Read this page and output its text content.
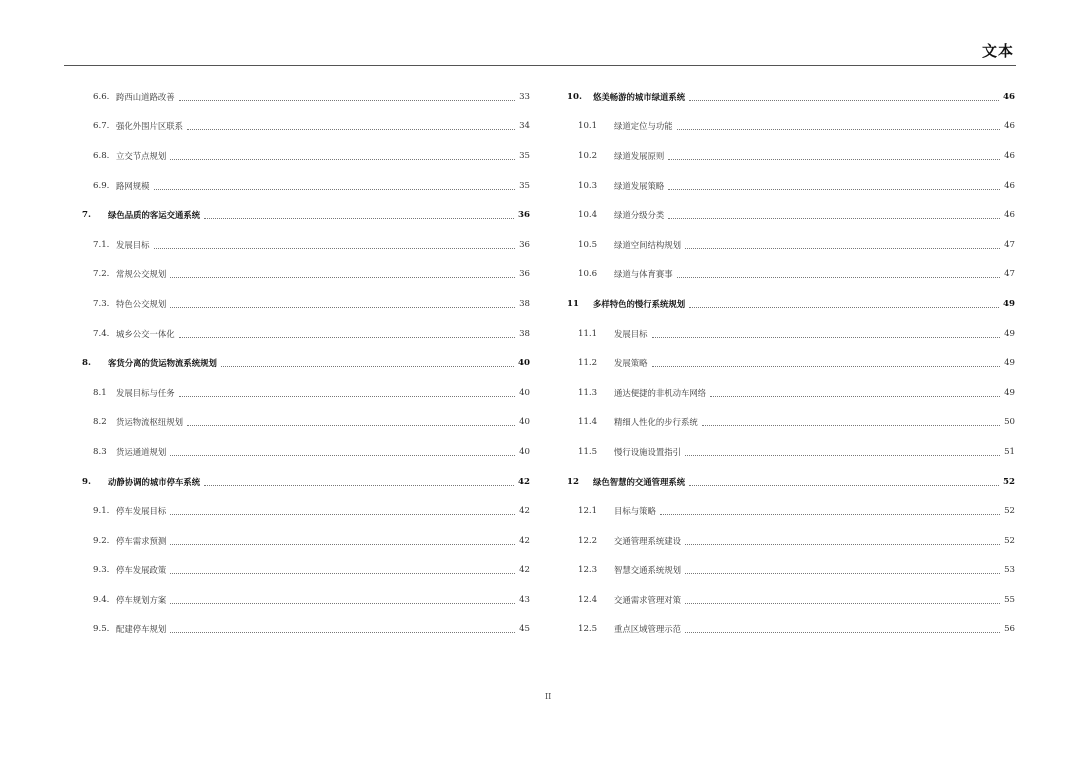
文本
6.6. 跨西山道路改善	33
6.7. 强化外围片区联系	34
6.8. 立交节点规划	35
6.9. 路网规模	35
7.	绿色品质的客运交通系统	36
7.1. 发展目标	36
7.2. 常规公交规划	36
7.3. 特色公交规划	38
7.4. 城乡公交一体化	38
8.	客货分离的货运物流系统规划	40
8.1	发展目标与任务	40
8.2	货运物流枢纽规划	40
8.3	货运通道规划	40
9.	动静协调的城市停车系统	42
9.1. 停车发展目标	42
9.2. 停车需求预测	42
9.3. 停车发展政策	42
9.4. 停车规划方案	43
9.5. 配建停车规划	45
10.	悠美畅游的城市绿道系统	46
10.1	绿道定位与功能	46
10.2	绿道发展原则	46
10.3	绿道发展策略	46
10.4	绿道分级分类	46
10.5	绿道空间结构规划	47
10.6	绿道与体育赛事	47
11	多样特色的慢行系统规划	49
11.1	发展目标	49
11.2	发展策略	49
11.3	通达便捷的非机动车网络	49
11.4	精细人性化的步行系统	50
11.5	慢行设施设置指引	51
12	绿色智慧的交通管理系统	52
12.1	目标与策略	52
12.2	交通管理系统建设	52
12.3	智慧交通系统规划	53
12.4	交通需求管理对策	55
12.5	重点区域管理示范	56
II
